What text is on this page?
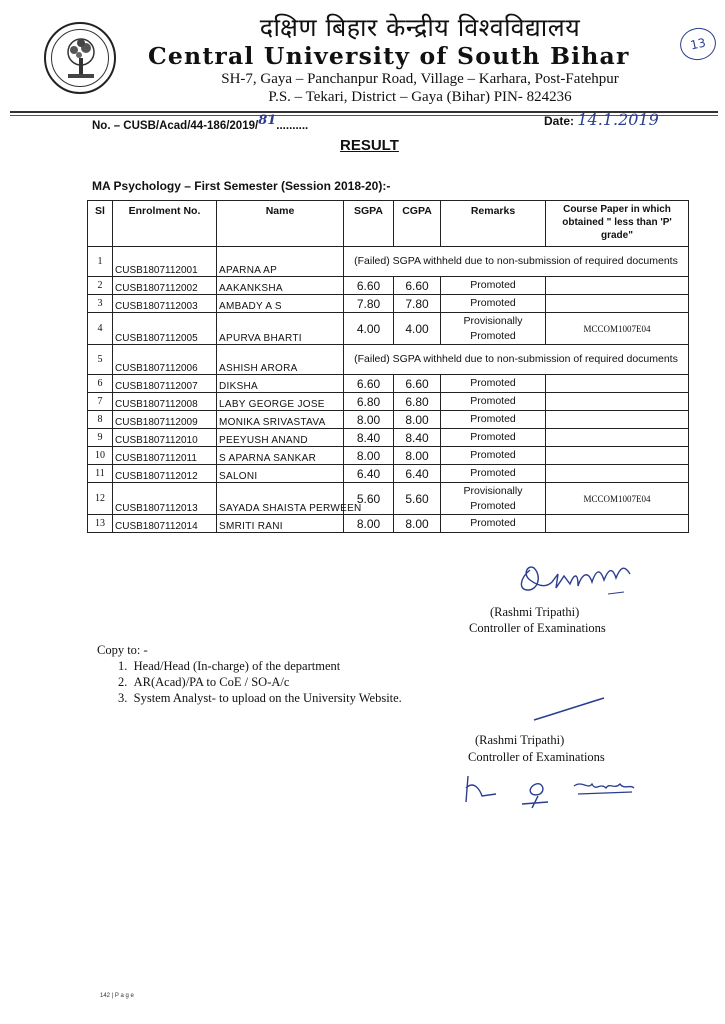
दक्षिण बिहार केन्द्रीय विश्वविद्यालय
Central University of South Bihar
SH-7, Gaya – Panchanpur Road, Village – Karhara, Post-Fatehpur
P.S. – Tekari, District – Gaya (Bihar) PIN- 824236
13
No. – CUSB/Acad/44-186/2019/81..........	Date: 14.1.2019
RESULT
MA Psychology – First Semester (Session 2018-20):-
Sl	Enrolment No.	Name	SGPA	CGPA	Remarks	Course Paper in which obtained " less than 'P' grade"
1	CUSB1807112001	APARNA AP	(Failed) SGPA withheld due to non-submission of required documents			
2	CUSB1807112002	AAKANKSHA	6.60	6.60	Promoted	
3	CUSB1807112003	AMBADY A S	7.80	7.80	Promoted	
4	CUSB1807112005	APURVA BHARTI	4.00	4.00	Provisionally Promoted	MCCOM1007E04
5	CUSB1807112006	ASHISH ARORA	(Failed) SGPA withheld due to non-submission of required documents			
6	CUSB1807112007	DIKSHA	6.60	6.60	Promoted	
7	CUSB1807112008	LABY GEORGE JOSE	6.80	6.80	Promoted	
8	CUSB1807112009	MONIKA SRIVASTAVA	8.00	8.00	Promoted	
9	CUSB1807112010	PEEYUSH ANAND	8.40	8.40	Promoted	
10	CUSB1807112011	S APARNA SANKAR	8.00	8.00	Promoted	
11	CUSB1807112012	SALONI	6.40	6.40	Promoted	
12	CUSB1807112013	SAYADA SHAISTA PERWEEN	5.60	5.60	Provisionally Promoted	MCCOM1007E04
13	CUSB1807112014	SMRITI RANI	8.00	8.00	Promoted	
(Rashmi Tripathi)
Controller of Examinations
Copy to: -
1.  Head/Head (In-charge) of the department
2.  AR(Acad)/PA to CoE / SO-A/c
3.  System Analyst- to upload on the University Website.
(Rashmi Tripathi)
Controller of Examinations
142 | P a g e
